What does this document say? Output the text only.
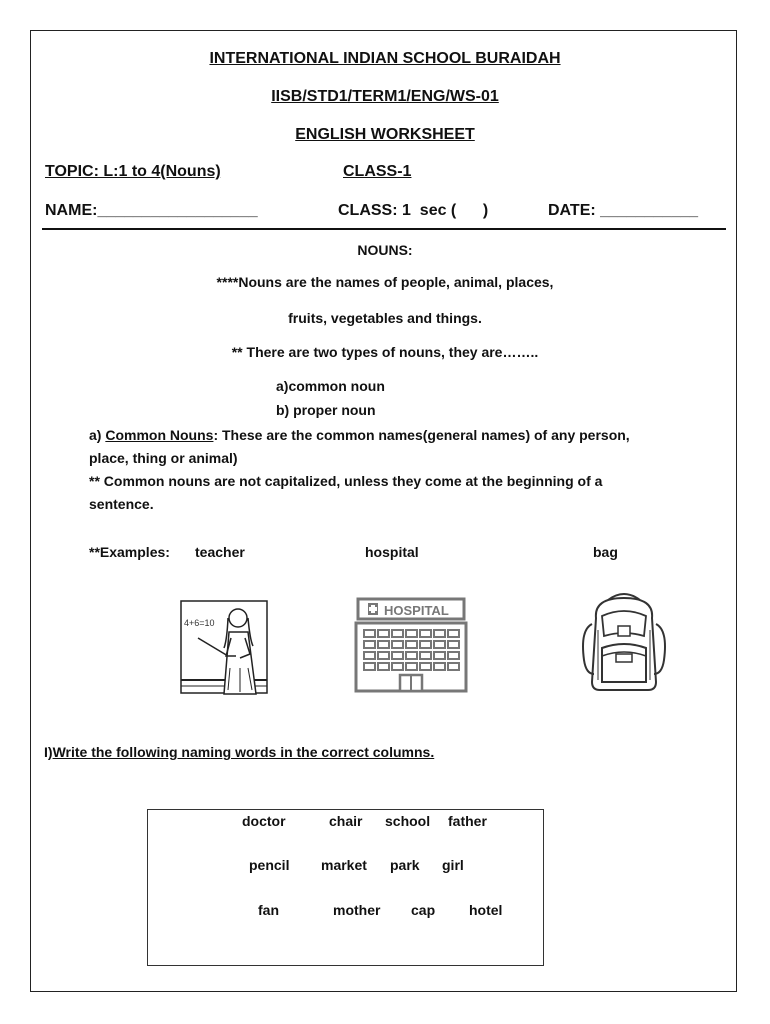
INTERNATIONAL INDIAN SCHOOL BURAIDAH
IISB/STD1/TERM1/ENG/WS-01
ENGLISH WORKSHEET
TOPIC: L:1 to 4(Nouns)	CLASS-1
NAME:__________________	CLASS: 1  sec (      )	DATE: ___________
NOUNS:
****Nouns are the names of people, animal, places,
fruits, vegetables and things.
** There are two types of nouns, they are……..
a)common noun
b) proper noun
a) Common Nouns: These are the common names(general names) of any person,
place, thing or animal)
** Common nouns are not capitalized, unless they come at the beginning of a
sentence.
**Examples: teacher	hospital	bag
4+6=10
HOSPITAL
I)Write the following naming words in the correct columns.
doctor	chair school father
pencil market park girl
fan	mother cap hotel
